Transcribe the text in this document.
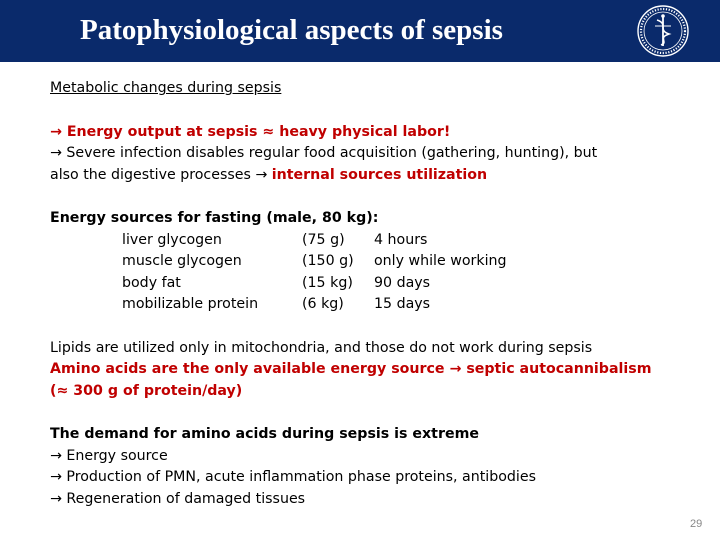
Patophysiological aspects of sepsis
Metabolic changes during sepsis
→ Energy output at sepsis ≈ heavy physical labor!
→ Severe infection disables regular food acquisition (gathering, hunting), but
also the digestive processes → internal sources utilization
Energy sources for fasting (male, 80 kg):
liver glycogen	(75 g)	4 hours
muscle glycogen	(150 g)	only while working
body fat	(15 kg)	90 days
mobilizable protein	(6 kg)	15 days
Lipids are utilized only in mitochondria, and those do not work during sepsis
Amino acids are the only available energy source → septic autocannibalism
(≈ 300 g of protein/day)
The demand for amino acids during sepsis is extreme
→ Energy source
→ Production of PMN, acute inflammation phase proteins, antibodies
→ Regeneration of damaged tissues
29
